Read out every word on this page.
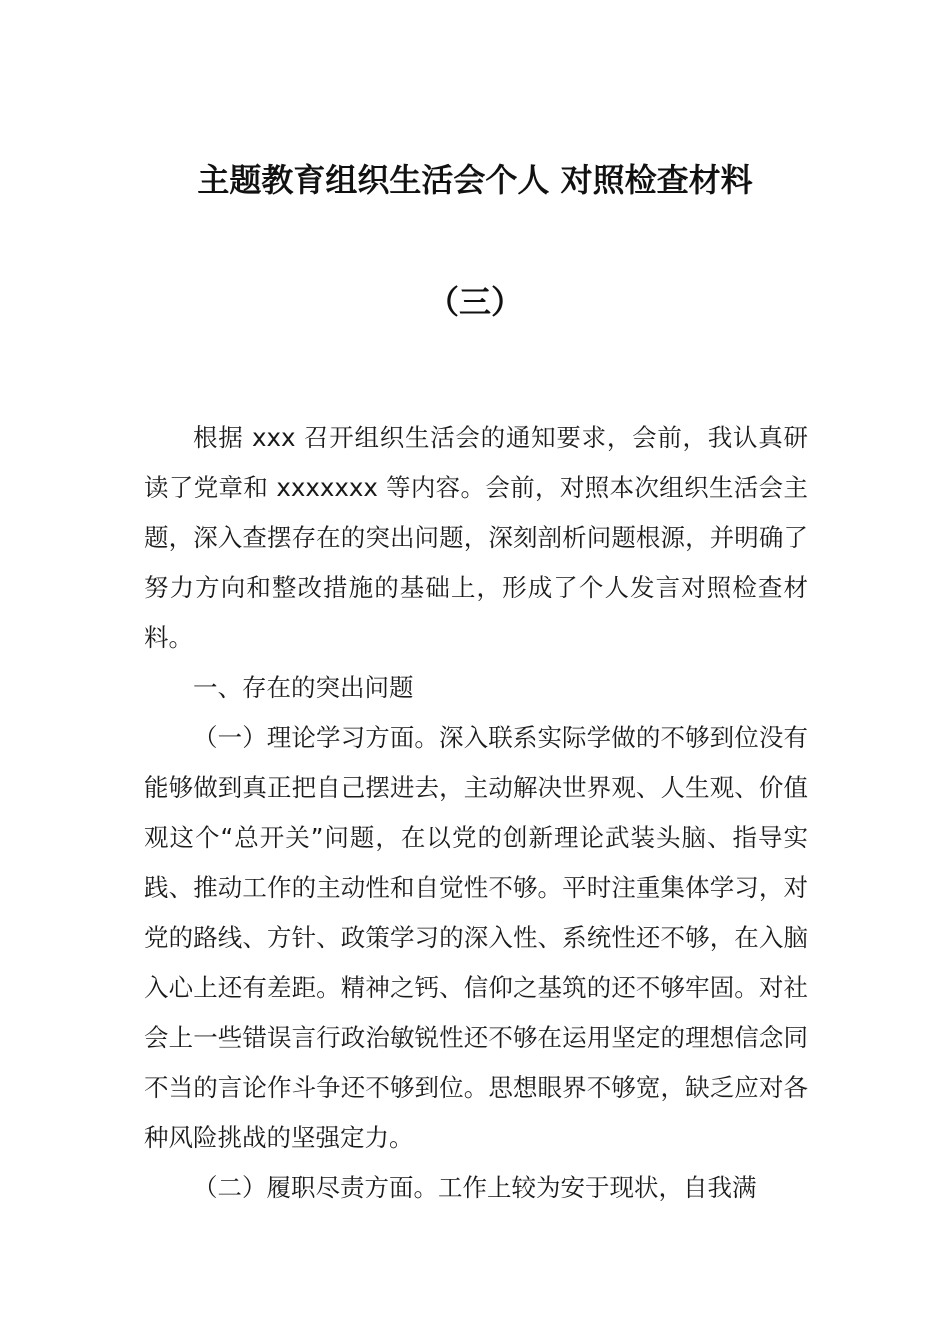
主题教育组织生活会个人 对照检查材料
（三）

根据 xxx 召开组织生活会的通知要求，会前，我认真研读了党章和 xxxxxxx 等内容。会前，对照本次组织生活会主题，深入查摆存在的突出问题，深刻剖析问题根源，并明确了努力方向和整改措施的基础上，形成了个人发言对照检查材料。

一、存在的突出问题

（一）理论学习方面。深入联系实际学做的不够到位没有能够做到真正把自己摆进去，主动解决世界观、人生观、价值观这个“总开关”问题，在以党的创新理论武装头脑、指导实践、推动工作的主动性和自觉性不够。平时注重集体学习，对党的路线、方针、政策学习的深入性、系统性还不够，在入脑入心上还有差距。精神之钙、信仰之基筑的还不够牢固。对社会上一些错误言行政治敏锐性还不够在运用坚定的理想信念同不当的言论作斗争还不够到位。思想眼界不够宽，缺乏应对各种风险挑战的坚强定力。

（二）履职尽责方面。工作上较为安于现状，自我满
